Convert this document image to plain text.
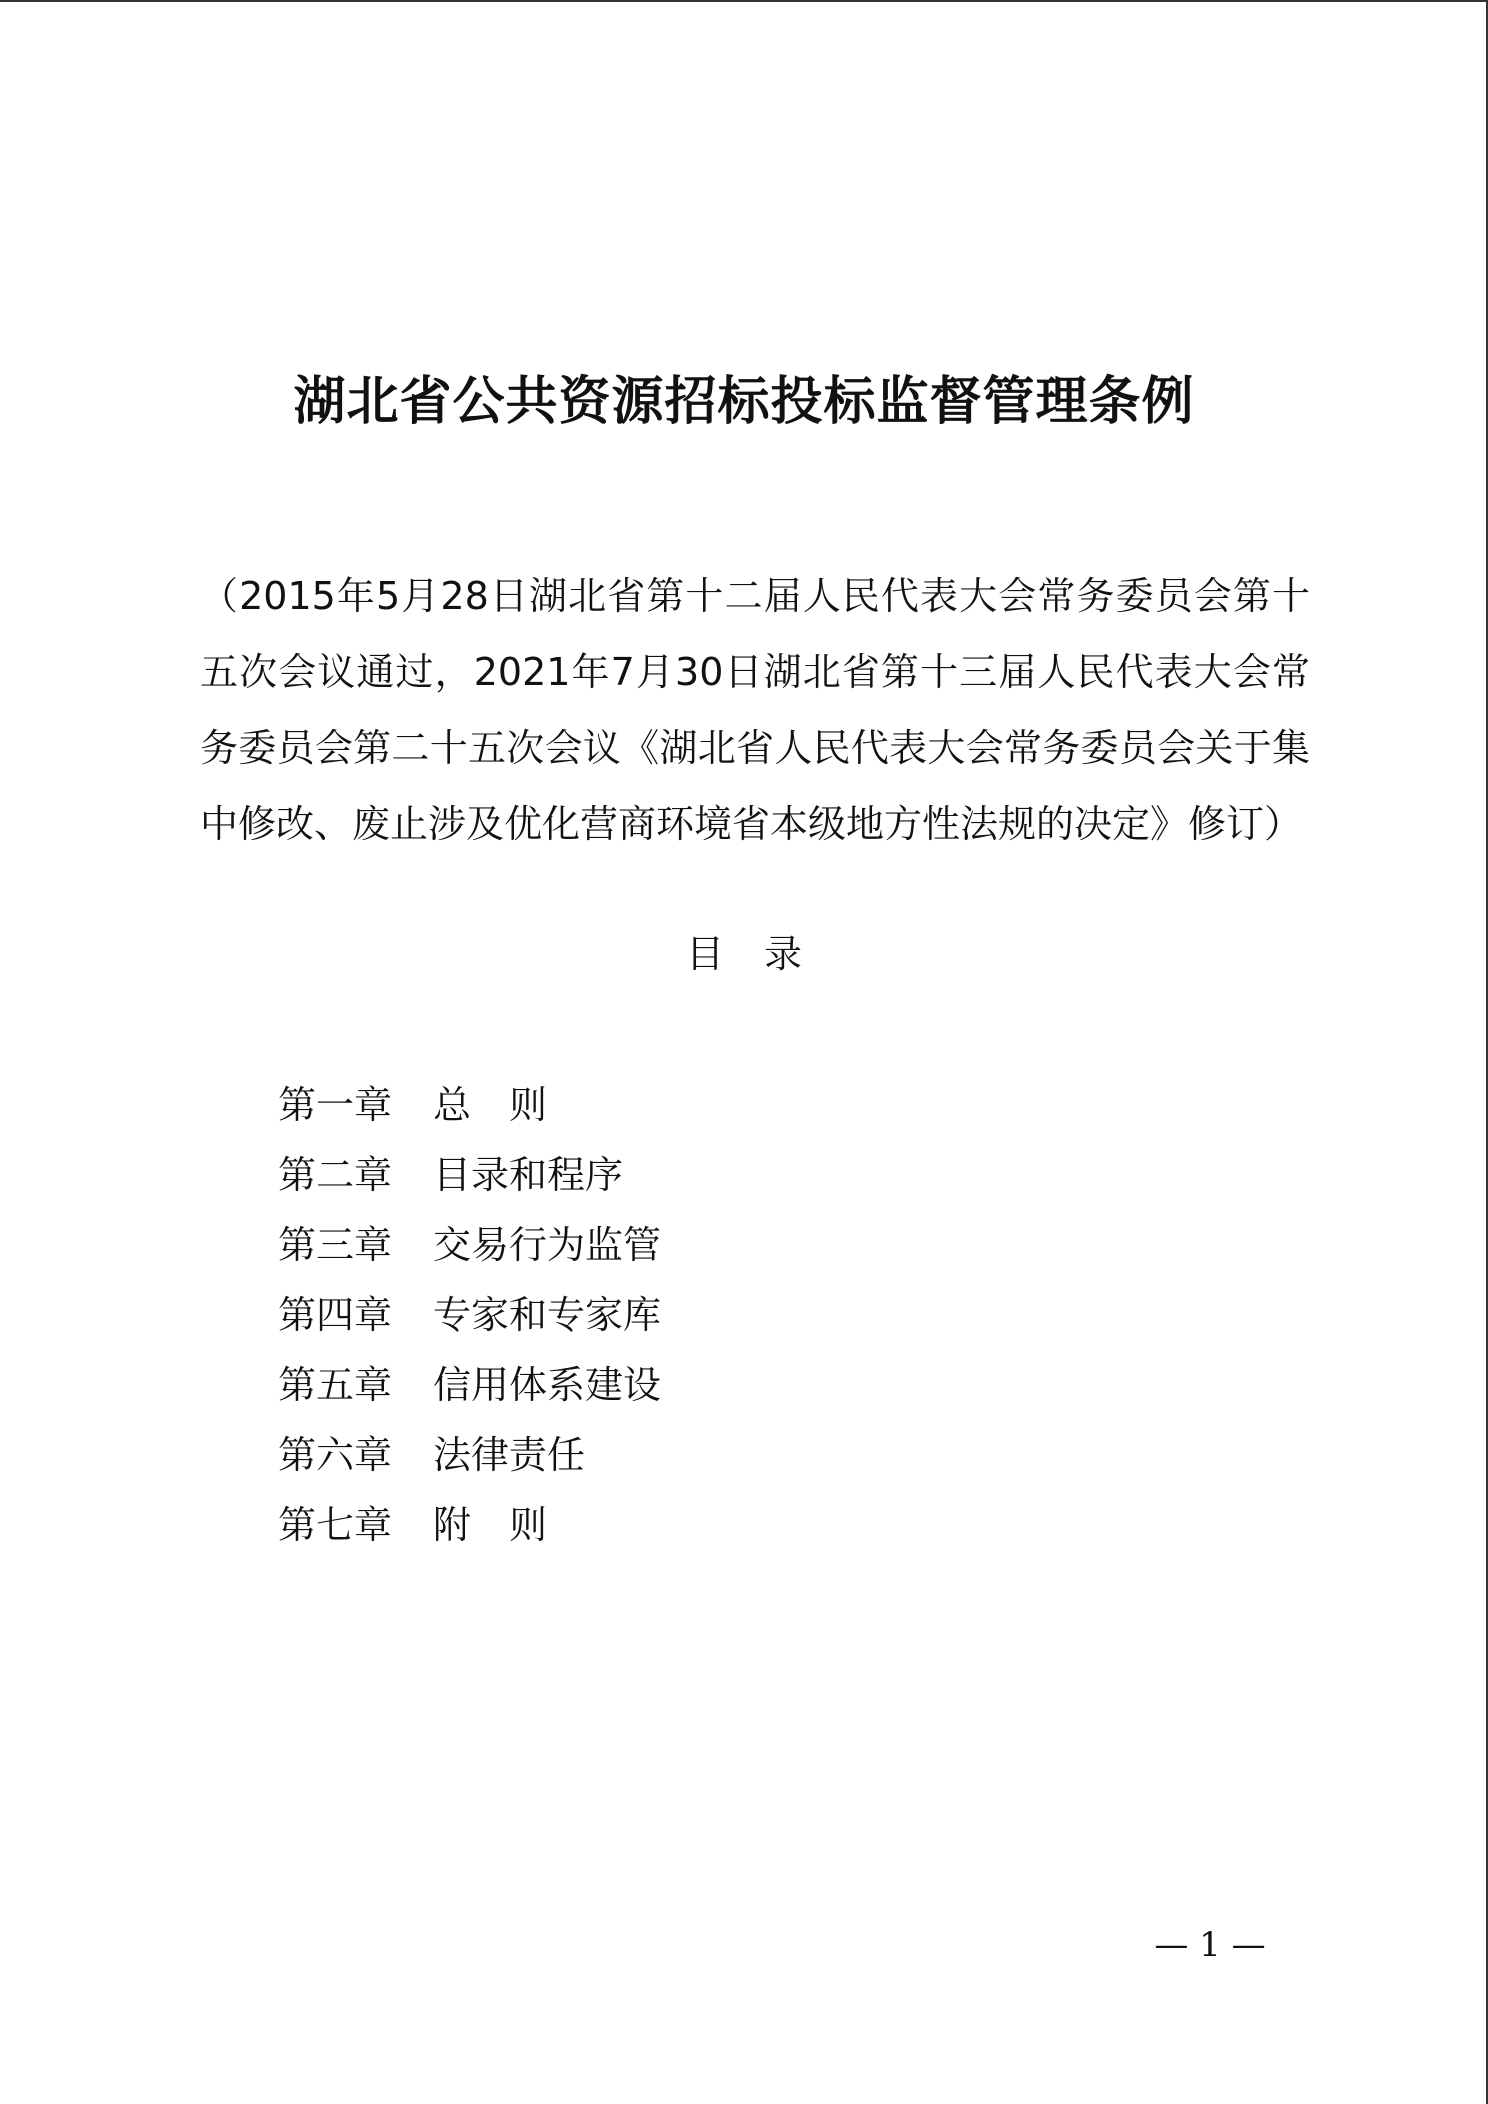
湖北省公共资源招标投标监督管理条例

（2015年5月28日湖北省第十二届人民代表大会常务委员会第十五次会议通过，2021年7月30日湖北省第十三届人民代表大会常务委员会第二十五次会议《湖北省人民代表大会常务委员会关于集中修改、废止涉及优化营商环境省本级地方性法规的决定》修订）

目录
第一章 总　则
第二章 目录和程序
第三章 交易行为监管
第四章 专家和专家库
第五章 信用体系建设
第六章 法律责任
第七章 附　则
— 1 —
